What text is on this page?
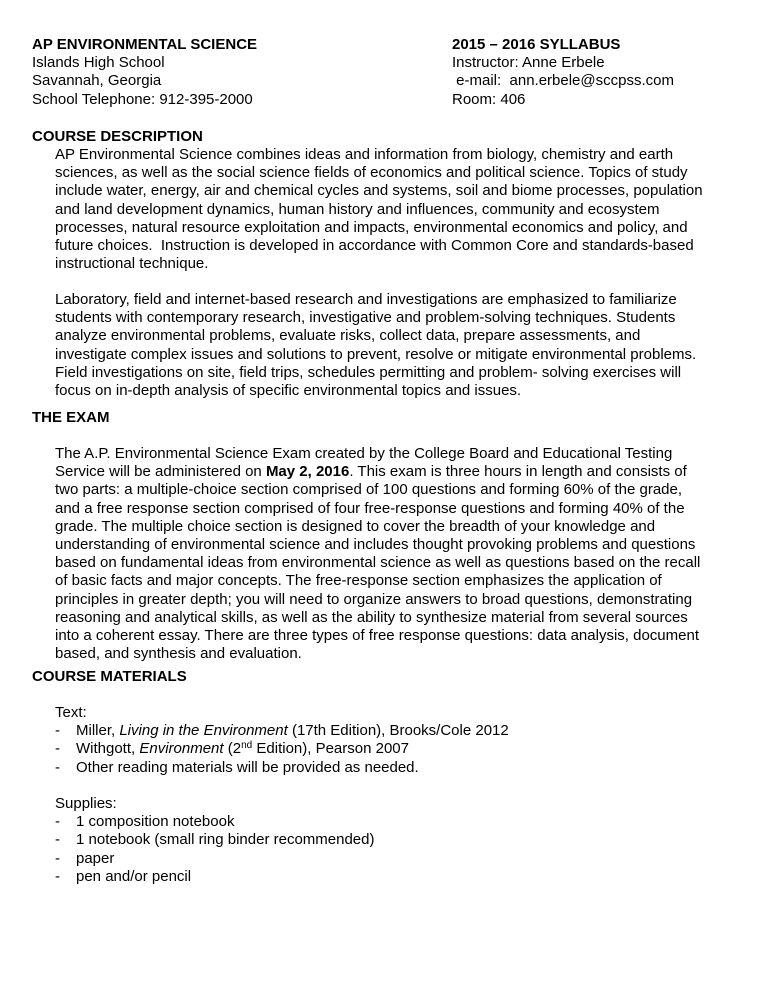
AP ENVIRONMENTAL SCIENCE
Islands High School
Savannah, Georgia
School Telephone: 912-395-2000
2015 – 2016 SYLLABUS
Instructor: Anne Erbele
e-mail:  ann.erbele@sccpss.com
Room: 406
COURSE DESCRIPTION
AP Environmental Science combines ideas and information from biology, chemistry and earth
sciences, as well as the social science fields of economics and political science. Topics of study
include water, energy, air and chemical cycles and systems, soil and biome processes, population
and land development dynamics, human history and influences, community and ecosystem
processes, natural resource exploitation and impacts, environmental economics and policy, and
future choices.  Instruction is developed in accordance with Common Core and standards-based
instructional technique.
Laboratory, field and internet-based research and investigations are emphasized to familiarize
students with contemporary research, investigative and problem-solving techniques. Students
analyze environmental problems, evaluate risks, collect data, prepare assessments, and
investigate complex issues and solutions to prevent, resolve or mitigate environmental problems.
Field investigations on site, field trips, schedules permitting and problem- solving exercises will
focus on in-depth analysis of specific environmental topics and issues.
THE EXAM
The A.P. Environmental Science Exam created by the College Board and Educational Testing
Service will be administered on May 2, 2016. This exam is three hours in length and consists of
two parts: a multiple-choice section comprised of 100 questions and forming 60% of the grade,
and a free response section comprised of four free-response questions and forming 40% of the
grade. The multiple choice section is designed to cover the breadth of your knowledge and
understanding of environmental science and includes thought provoking problems and questions
based on fundamental ideas from environmental science as well as questions based on the recall
of basic facts and major concepts. The free-response section emphasizes the application of
principles in greater depth; you will need to organize answers to broad questions, demonstrating
reasoning and analytical skills, as well as the ability to synthesize material from several sources
into a coherent essay. There are three types of free response questions: data analysis, document
based, and synthesis and evaluation.
COURSE MATERIALS
Text:
- Miller, Living in the Environment (17th Edition), Brooks/Cole 2012
- Withgott, Environment (2nd Edition), Pearson 2007
- Other reading materials will be provided as needed.
Supplies:
- 1 composition notebook
- 1 notebook (small ring binder recommended)
- paper
- pen and/or pencil
